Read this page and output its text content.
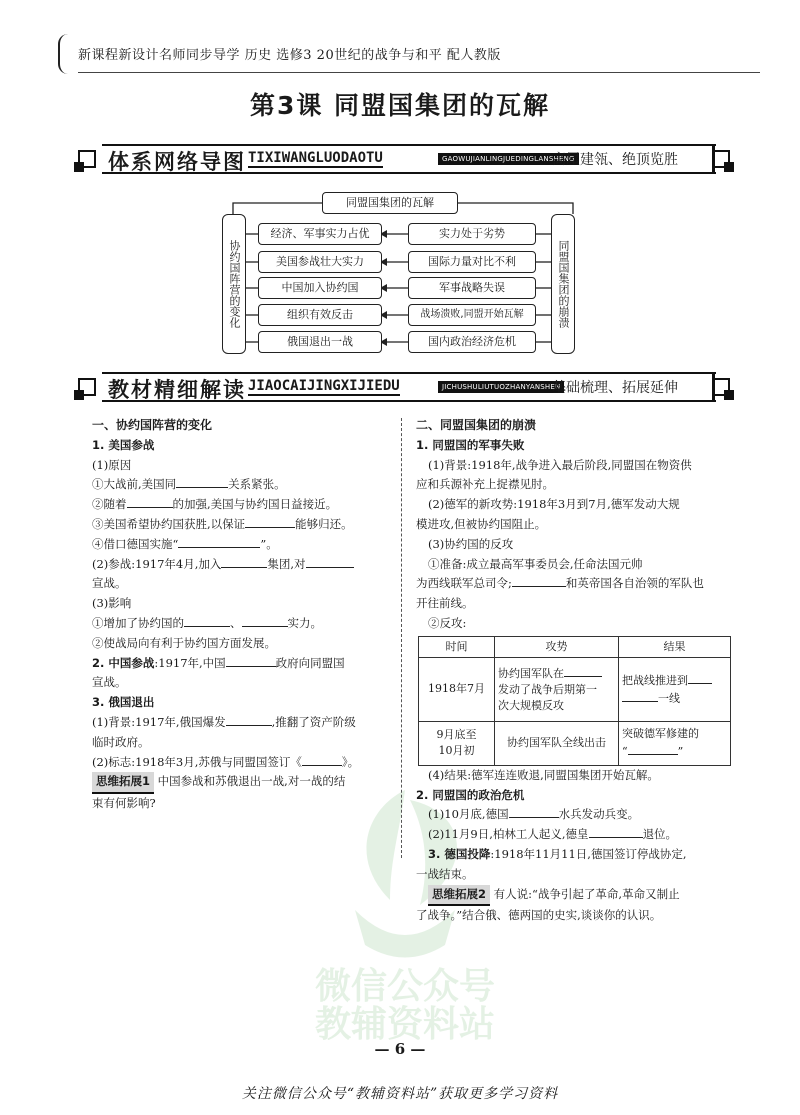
新课程新设计名师同步导学 历史 选修3 20世纪的战争与和平 配人教版
第3课 同盟国集团的瓦解
体系网络导图 TIXIWANGLUODAOTU	GAOWUJIANLINGJUEDINGLANSHENG
高屋建瓴、绝顶览胜
同盟国集团的瓦解
协约国阵营的变化	同盟国集团的崩溃
经济、军事实力占优
美国参战壮大实力
中国加入协约国
组织有效反击
俄国退出一战
实力处于劣势
国际力量对比不利
军事战略失误
战场溃败,同盟开始瓦解
国内政治经济危机
教材精细解读 JIAOCAIJINGXIJIEDU	JICHUSHULIUTUOZHANYANSHEN
基础梳理、拓展延伸
微信公众号
教辅资料站

一、协约国阵营的变化

1. 美国参战

(1)原因

①大战前,美国同	关系紧张。

②随着	的加强,美国与协约国日益接近。

③美国希望协约国获胜,以保证	能够归还。

④借口德国实施“	”。

(2)参战:1917年4月,加入	集团,对

宣战。

(3)影响

①增加了协约国的	、	实力。

②使战局向有利于协约国方面发展。

2. 中国参战:1917年,中国	政府向同盟国

宣战。

3. 俄国退出

(1)背景:1917年,俄国爆发	,推翻了资产阶级

临时政府。

(2)标志:1918年3月,苏俄与同盟国签订《	》。

思维拓展1 中国参战和苏俄退出一战,对一战的结

束有何影响?

二、同盟国集团的崩溃

1. 同盟国的军事失败

(1)背景:1918年,战争进入最后阶段,同盟国在物资供

应和兵源补充上捉襟见肘。

(2)德军的新攻势:1918年3月到7月,德军发动大规

模进攻,但被协约国阻止。

(3)协约国的反攻

①准备:成立最高军事委员会,任命法国元帅

为西线联军总司令;	和英帝国各自治领的军队也

开往前线。

②反攻:

时间	攻势	结果
1918年7月	协约国军队在
发动了战争后期第一
次大规模反攻	把战线推进到
一线
9月底至
10月初	协约国军队全线出击	突破德军修建的
“ ”

(4)结果:德军连连败退,同盟国集团开始瓦解。

2. 同盟国的政治危机

(1)10月底,德国	水兵发动兵变。

(2)11月9日,柏林工人起义,德皇	退位。

3. 德国投降:1918年11月11日,德国签订停战协定,

一战结束。

思维拓展2 有人说:“战争引起了革命,革命又制止

了战争。”结合俄、德两国的史实,谈谈你的认识。

— 6 —
关注微信公众号“教辅资料站”获取更多学习资料
